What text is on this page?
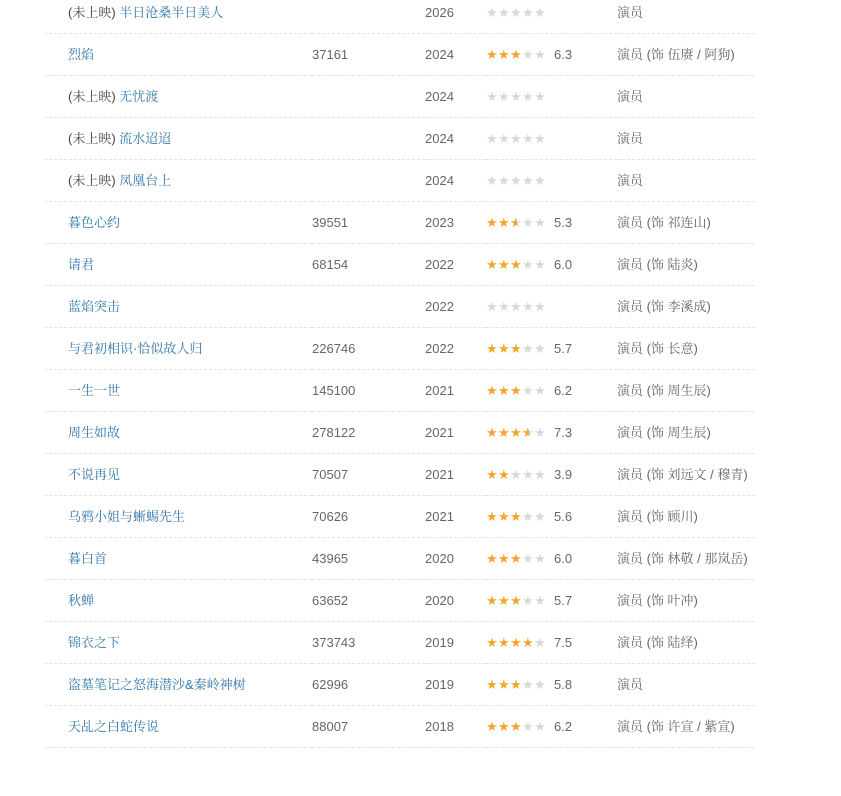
(未上映) 半日沧桑半日美人		2026	★★★★★	演员
烈焰	37161	2024	★★★★★ 6.3	演员 (饰 伍赓 / 阿狗)
(未上映) 无忧渡		2024	★★★★★	演员
(未上映) 流水迢迢		2024	★★★★★	演员
(未上映) 凤凰台上		2024	★★★★★	演员
暮色心约	39551	2023	★★★ ★★★ 5.3	演员 (饰 祁连山)
请君	68154	2022	★★★★★ 6.0	演员 (饰 陆炎)
蓝焰突击		2022	★★★★★	演员 (饰 李溪成)
与君初相识·恰似故人归	226746	2022	★★★★★ 5.7	演员 (饰 长意)
一生一世	145100	2021	★★★★★ 6.2	演员 (饰 周生辰)
周生如故	278122	2021	★★★★ ★★ 7.3	演员 (饰 周生辰)
不说再见	70507	2021	★★★★★ 3.9	演员 (饰 刘远文 / 穆青)
乌鸦小姐与蜥蜴先生	70626	2021	★★★★★ 5.6	演员 (饰 顾川)
暮白首	43965	2020	★★★★★ 6.0	演员 (饰 林敬 / 那岚岳)
秋蝉	63652	2020	★★★★★ 5.7	演员 (饰 叶冲)
锦衣之下	373743	2019	★★★★★ 7.5	演员 (饰 陆绎)
盗墓笔记之怒海潜沙&秦岭神树	62996	2019	★★★★★ 5.8	演员
天乩之白蛇传说	88007	2018	★★★★★ 6.2	演员 (饰 许宣 / 紫宣)
